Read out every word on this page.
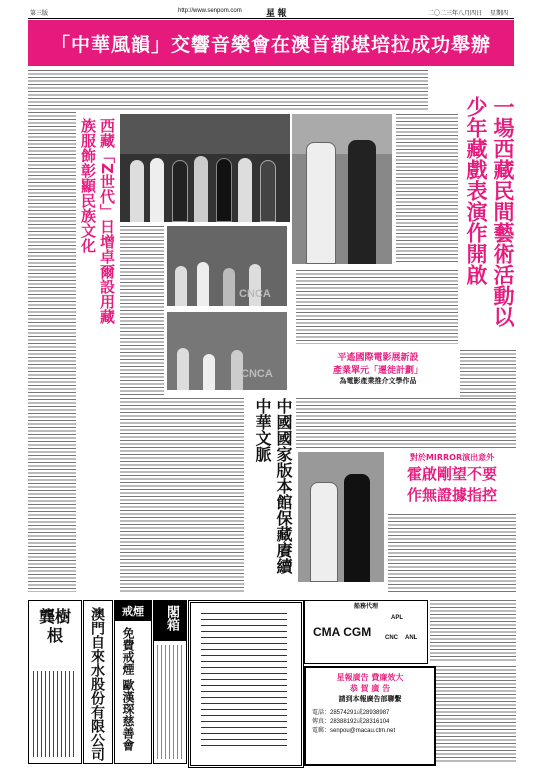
第三版	http://www.senpom.com	星 報	二〇二三年八月四日 星期四
「中華風韻」交響音樂會在澳首都堪培拉成功舉辦
一場西藏民間藝術活動以少年藏戲表演作開啟
西藏「Z世代」日增卓爾設用藏族服飾彰顯民族文化
CNCA
CNCA
中國國家版本館保藏賡續中華文脈
平遙國際電影展新設
產業單元「遷徙計劃」
為電影產業推介文學作品
對於MIRROR演出意外
霍啟剛望不要
作無證據指控
龔樹根	澳門自來水股份有限公司	戒煙
免費戒煙 歐漢琛慈善會
閣箱	船務代理
CMA CGM
APL
CNC ANL
星報廣告 費廉效大
恭 賀 廣 告
請到本報廣告部聯繫
電話：28574291或28938987
傳真：28388192或28316104
電郵：senpou@macau.ctm.net
